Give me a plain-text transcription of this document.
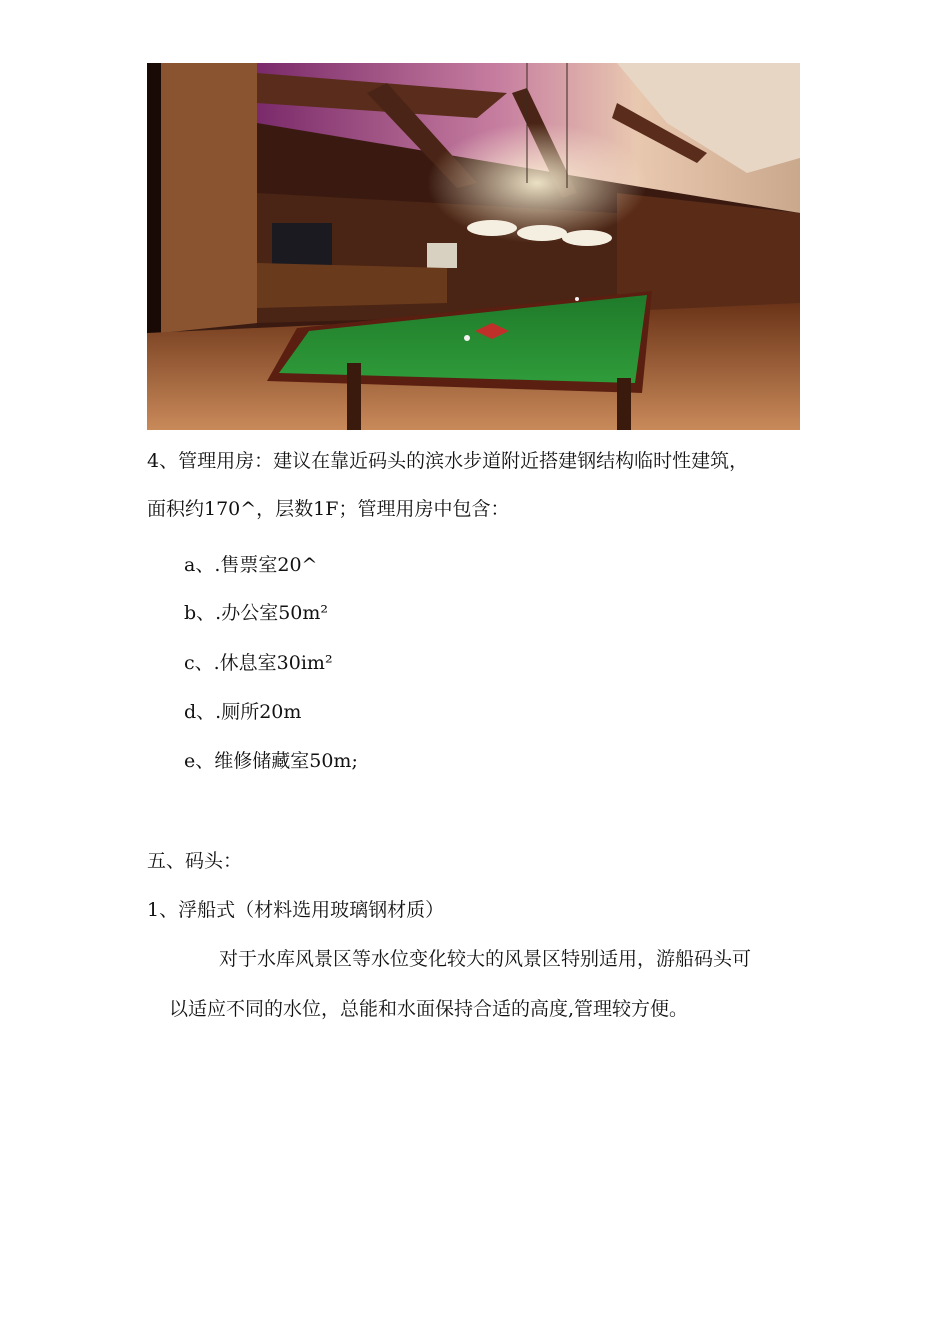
4、管理用房：建议在靠近码头的滨水步道附近搭建钢结构临时性建筑，
面积约170^，层数1F；管理用房中包含：
a、.售票室20^
b、.办公室50m²
c、.休息室30im²
d、.厕所20m
e、维修储藏室50m;
五、码头：
1、浮船式（材料选用玻璃钢材质）
对于水库风景区等水位变化较大的风景区特别适用，游船码头可
以适应不同的水位，总能和水面保持合适的高度,管理较方便。
